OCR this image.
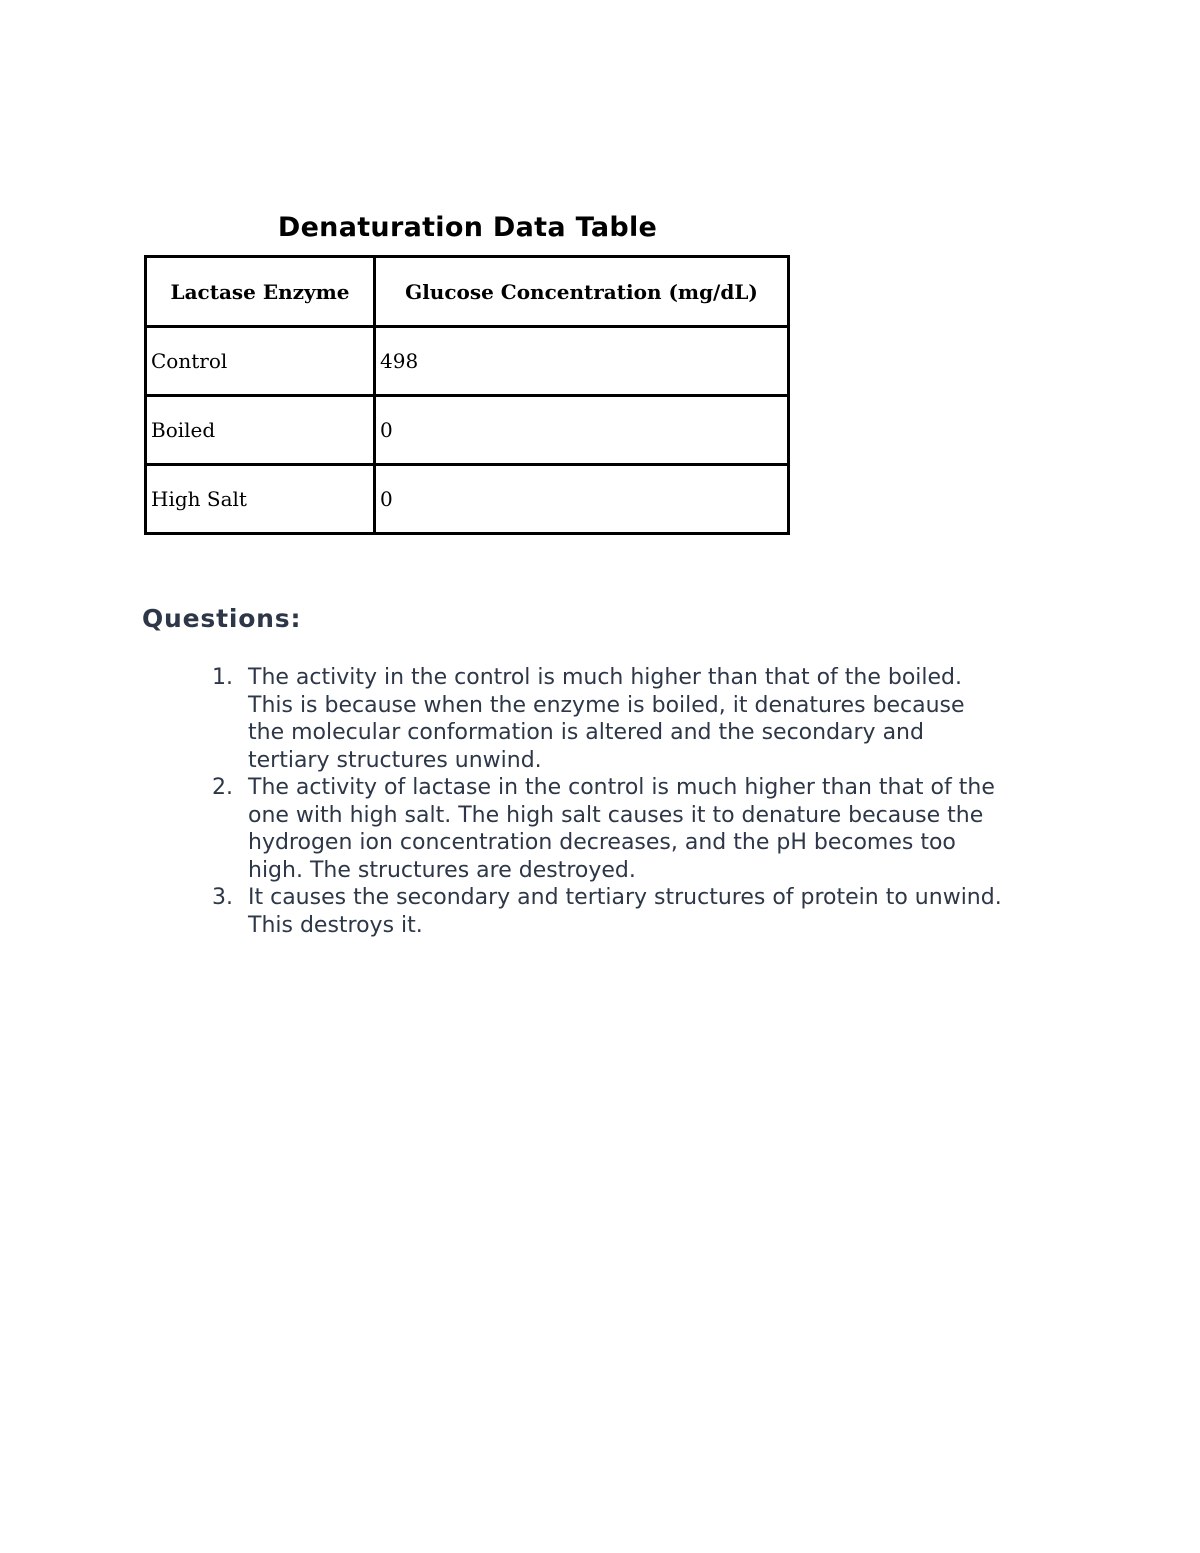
Denaturation Data Table
Lactase Enzyme	Glucose Concentration (mg/dL)
Control	498
Boiled	0
High Salt	0
Questions:
1. The activity in the control is much higher than that of the boiled.
This is because when the enzyme is boiled, it denatures because
the molecular conformation is altered and the secondary and
tertiary structures unwind.
2. The activity of lactase in the control is much higher than that of the
one with high salt. The high salt causes it to denature because the
hydrogen ion concentration decreases, and the pH becomes too
high. The structures are destroyed.
3. It causes the secondary and tertiary structures of protein to unwind.
This destroys it.
